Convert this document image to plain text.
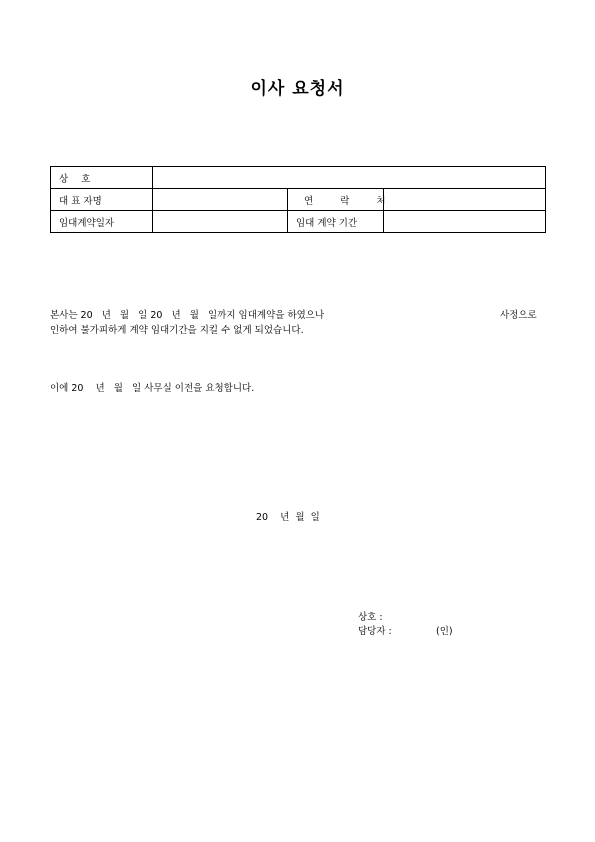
이사 요청서
상 호			
대 표 자명		연 락 처	
임대계약일자		임대 계약 기간	
본사는 20   년   월   일 20   년   월   일까지 임대계약을 하였으나	사정으로
인하여 불가피하게 계약 임대기간을 지킬 수 없게 되었습니다.
이에 20    년   월   일 사무실 이전을 요청합니다.
20    년  월  일
상호 :
담당자 :	(인)
